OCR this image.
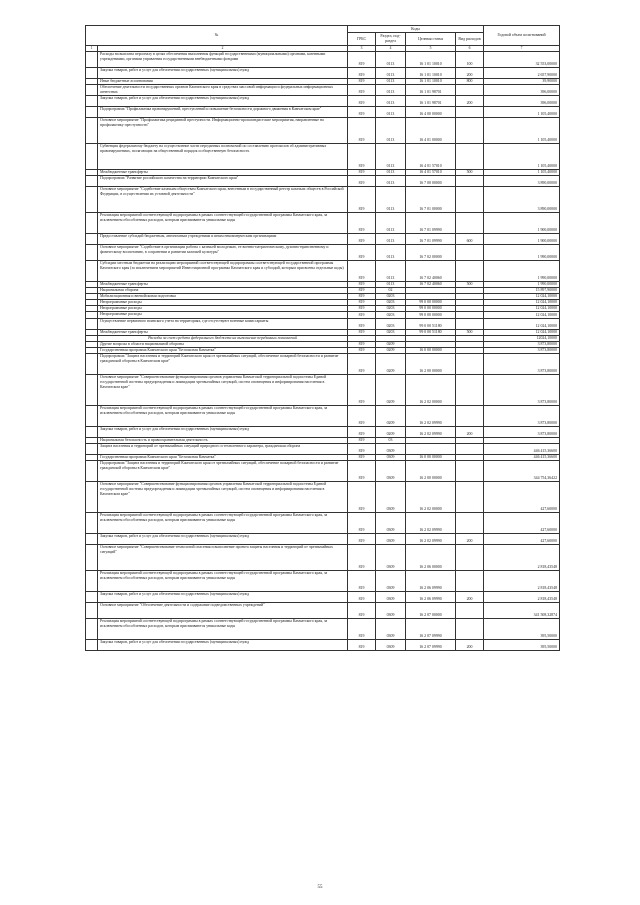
№		Коды				Годовой объем ассигнований
		ГРБС	Раздел, под-раздел	Целевая статья	Вид расходов	
1	2	3	4	5	6	7
	Расходы на выплаты персоналу в целях обеспечения выполнения функций государственными (муниципальными) органами, казенными учреждениями, органами управления государственными внебюджетными фондами	819	0113	16 1 01 10010	100	32 553,00000
	Закупка товаров, работ и услуг для обеспечения государственных (муниципальных) нужд	819	0113	16 1 01 10010	200	2 657,90000
	Иные бюджетные ассигнования	819	0113	16 1 01 10010	800	39,90000
	Обеспечение деятельности государственных органов Камчатского края в средствах массовой информации и федеральных информационных агентствах	819	0113	16 1 01 98701		396,00000
	Закупка товаров, работ и услуг для обеспечения государственных (муниципальных) нужд	819	0113	16 1 01 98701	200	396,00000
	Подпрограмма "Профилактика правонарушений, преступлений и повышение безопасности дорожного движения в Камчатском крае"	819	0113	16 4 00 00000		1 105,40000
	Основное мероприятие "Профилактика рецидивной преступности. Информационно-пропагандистские мероприятия, направленные на профилактику преступности"	819	0113	16 4 01 00000		1 105,40000
	Субвенция федеральному бюджету на осуществление части переданных полномочий по составлению протоколов об административных правонарушениях, посягающих на общественный порядок и общественную безопасность	819	0113	16 4 01 57010		1 105,40000
	Межбюджетные трансферты	819	0113	16 4 01 57010	500	1 105,40000
	Подпрограмма "Развитие российского казачества на территории Камчатского края"	819	0113	16 7 00 00000		3 890,00000
	Основное мероприятие "Содействие казачьим обществам Камчатского края, внесенным в государственный реестр казачьих обществ в Российской Федерации, в осуществлении их уставной деятельности"	819	0113	16 7 01 00000		3 890,00000
	Реализация мероприятий соответствующей подпрограммы в рамках соответствующей государственной программы Камчатского края, за исключением обособленных расходов, которым присваиваются уникальные коды	819	0113	16 7 01 09990		1 900,00000
	Предоставление субсидий бюджетным, автономным учреждениям и иным некоммерческим организациям	819	0113	16 7 01 09990	600	1 900,00000
	Основное мероприятие "Содействие в организации работы с казачьей молодежью, ее военно-патриотическому, духовно-нравственному и физическому воспитанию, в сохранении и развитии казачьей культуры"	819	0113	16 7 02 00000		1 990,00000
	Субсидии местным бюджетам на реализацию мероприятий соответствующей подпрограммы соответствующей государственной программы Камчатского края (за исключением мероприятий Инвестиционной программы Камчатского края и субсидий, которым присвоены отдельные коды)	819	0113	16 7 02 40060		1 990,00000
	Межбюджетные трансферты	819	0113	16 7 02 40060	500	1 990,00000
	Национальная оборона	819	02			15 897,90000
	Мобилизационная и вневойсковая подготовка	819	0203			12 024,10000
	Непрограммные расходы	819	0203	99 0 00 00000		12 024,10000
	Непрограммные расходы	819	0203	99 0 00 00000		12 024,10000
	Непрограммные расходы	819	0203	99 0 00 00000		12 024,10000
	Осуществление первичного воинского учета на территориях, где отсутствуют военные комиссариаты	819	0203	99 0 00 51180		12 024,10000
	Межбюджетные трансферты	819	0203	99 0 00 51180	500	12 024,10000
	Расходы за счет средств федерального бюджета на выполнение переданных полномочий					12024,10000
	Другие вопросы в области национальной обороны	819	0209			3 873,80000
	Государственная программа Камчатского края "Безопасная Камчатка"	819	0209	16 0 00 00000		3 873,80000
	Подпрограмма "Защита населения и территорий Камчатского края от чрезвычайных ситуаций, обеспечение пожарной безопасности и развитие гражданской обороны в Камчатском крае"	819	0209	16 2 00 00000		3 873,80000
	Основное мероприятие "Совершенствование функционирования органов управления Камчатской территориальной подсистемы Единой государственной системы предупреждения и ликвидации чрезвычайных ситуаций, систем оповещения и информирования населения в Камчатском крае"	819	0209	16 2 02 00000		3 873,80000
	Реализация мероприятий соответствующей подпрограммы в рамках соответствующей государственной программы Камчатского края, за исключением обособленных расходов, которым присваиваются уникальные коды	819	0209	16 2 02 09990		3 873,80000
	Закупка товаров, работ и услуг для обеспечения государственных (муниципальных) нужд	819	0209	16 2 02 09990	200	3 873,80000
	Национальная безопасность и правоохранительная деятельность	819	03			
	Защита населения и территорий от чрезвычайных ситуаций природного и техногенного характера, гражданская оборона	819	0309			446 415,36600
	Государственная программа Камчатского края "Безопасная Камчатка"	819	0309	16 0 00 00000		446 415,36600
	Подпрограмма "Защита населения и территорий Камчатского края от чрезвычайных ситуаций, обеспечение пожарной безопасности и развитие гражданской обороны в Камчатском крае"	819	0309	16 2 00 00000		344 754,36422
	Основное мероприятие "Совершенствование функционирования органов управления Камчатской территориальной подсистемы Единой государственной системы предупреждения и ликвидации чрезвычайных ситуаций, систем оповещения и информирования населения в Камчатском крае"	819	0309	16 2 02 00000		427,60000
	Реализация мероприятий соответствующей подпрограммы в рамках соответствующей государственной программы Камчатского края, за исключением обособленных расходов, которым присваиваются уникальные коды	819	0309	16 2 02 09990		427,60000
	Закупка товаров, работ и услуг для обеспечения государственных (муниципальных) нужд	819	0309	16 2 02 09990	200	427,60000
	Основное мероприятие "Совершенствование технологий спасения и выполнение проекта защиты населения и территорий от чрезвычайных ситуаций"	819	0309	16 2 06 00000		2 818,43548
	Реализация мероприятий соответствующей подпрограммы в рамках соответствующей государственной программы Камчатского края, за исключением обособленных расходов, которым присваиваются уникальные коды	819	0309	16 2 06 09990		2 818,43548
	Закупка товаров, работ и услуг для обеспечения государственных (муниципальных) нужд	819	0309	16 2 06 09990	200	2 818,43548
	Основное мероприятие "Обеспечение деятельности и содержание подведомственных учреждений"	819	0309	16 2 07 00000		341 508,32874
	Реализация мероприятий соответствующей подпрограммы в рамках соответствующей государственной программы Камчатского края, за исключением обособленных расходов, которым присваиваются уникальные коды	819	0309	16 2 07 09990		395,50000
	Закупка товаров, работ и услуг для обеспечения государственных (муниципальных) нужд	819	0309	16 2 07 09990	200	395,50000
55
